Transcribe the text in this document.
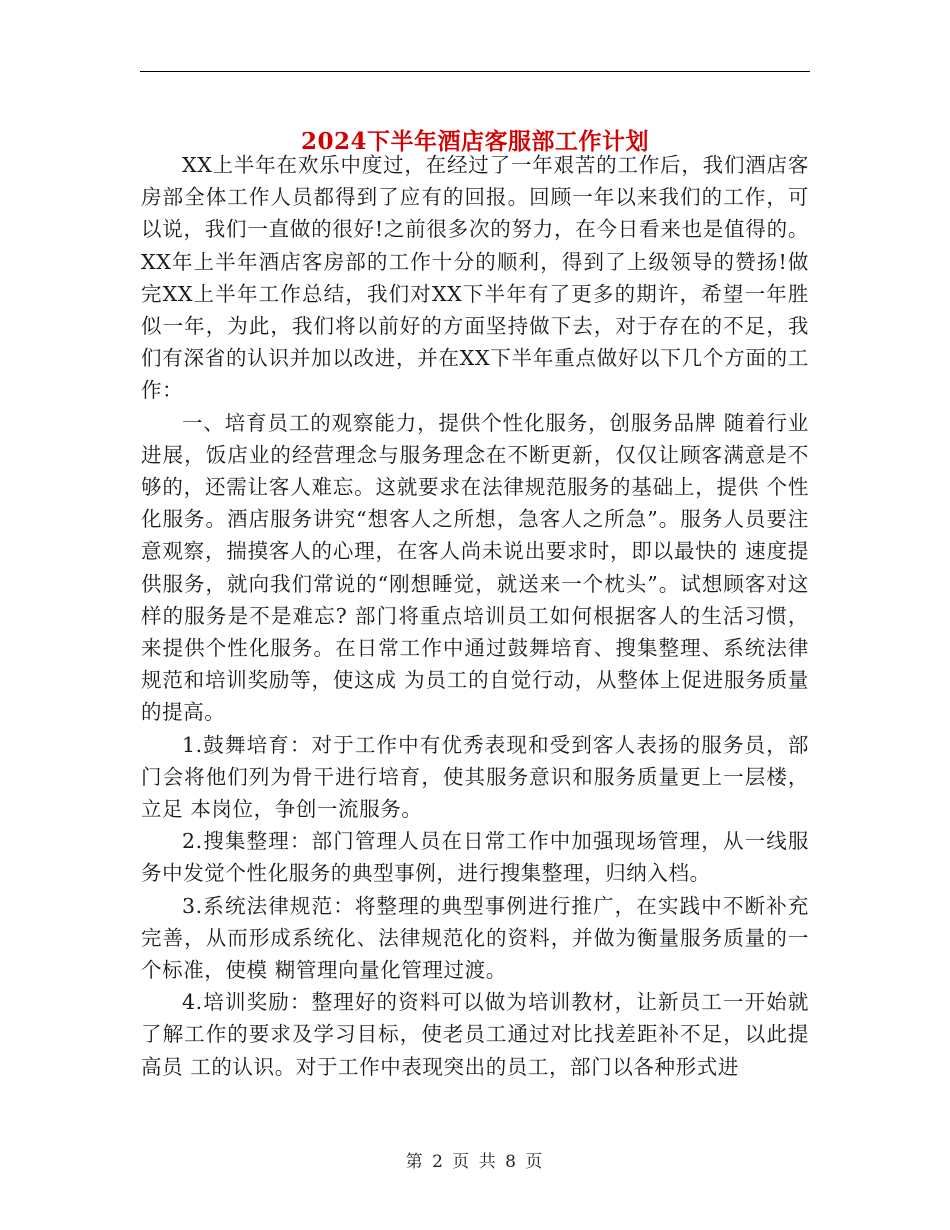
2024下半年酒店客服部工作计划

XX上半年在欢乐中度过，在经过了一年艰苦的工作后，我们酒店客房部全体工作人员都得到了应有的回报。回顾一年以来我们的工作，可以说，我们一直做的很好!之前很多次的努力，在今日看来也是值得的。XX年上半年酒店客房部的工作十分的顺利，得到了上级领导的赞扬!做完XX上半年工作总结，我们对XX下半年有了更多的期许，希望一年胜似一年，为此，我们将以前好的方面坚持做下去，对于存在的不足，我们有深省的认识并加以改进，并在XX下半年重点做好以下几个方面的工作：

一、培育员工的观察能力，提供个性化服务，创服务品牌 随着行业进展，饭店业的经营理念与服务理念在不断更新，仅仅让顾客满意是不够的，还需让客人难忘。这就要求在法律规范服务的基础上，提供 个性化服务。酒店服务讲究“想客人之所想，急客人之所急”。服务人员要注意观察，揣摸客人的心理，在客人尚未说出要求时，即以最快的 速度提供服务，就向我们常说的“刚想睡觉，就送来一个枕头”。试想顾客对这样的服务是不是难忘? 部门将重点培训员工如何根据客人的生活习惯，来提供个性化服务。在日常工作中通过鼓舞培育、搜集整理、系统法律规范和培训奖励等，使这成 为员工的自觉行动，从整体上促进服务质量的提高。

1.鼓舞培育：对于工作中有优秀表现和受到客人表扬的服务员，部门会将他们列为骨干进行培育，使其服务意识和服务质量更上一层楼，立足 本岗位，争创一流服务。

2.搜集整理：部门管理人员在日常工作中加强现场管理，从一线服务中发觉个性化服务的典型事例，进行搜集整理，归纳入档。

3.系统法律规范：将整理的典型事例进行推广，在实践中不断补充完善，从而形成系统化、法律规范化的资料，并做为衡量服务质量的一个标准，使模 糊管理向量化管理过渡。

4.培训奖励：整理好的资料可以做为培训教材，让新员工一开始就了解工作的要求及学习目标，使老员工通过对比找差距补不足，以此提高员 工的认识。对于工作中表现突出的员工，部门以各种形式进

第 2 页 共 8 页
